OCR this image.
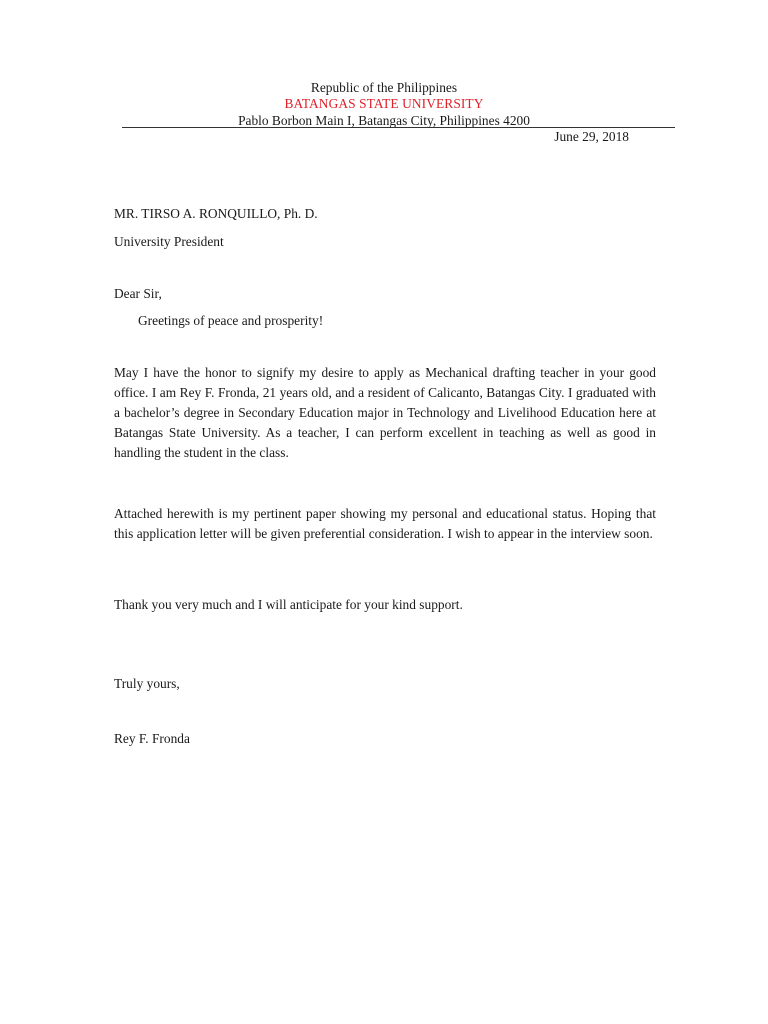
Republic of the Philippines
BATANGAS STATE UNIVERSITY
Pablo Borbon Main I, Batangas City, Philippines 4200
June 29, 2018
MR. TIRSO A. RONQUILLO, Ph. D.
University President
Dear Sir,
Greetings of peace and prosperity!
May I have the honor to signify my desire to apply as Mechanical drafting teacher in your good office. I am Rey F. Fronda, 21 years old, and a resident of Calicanto, Batangas City. I graduated with a bachelor’s degree in Secondary Education major in Technology and Livelihood Education here at Batangas State University. As a teacher, I can perform excellent in teaching as well as good in handling the student in the class.
Attached herewith is my pertinent paper showing my personal and educational status. Hoping that this application letter will be given preferential consideration. I wish to appear in the interview soon.
Thank you very much and I will anticipate for your kind support.
Truly yours,
Rey F. Fronda
